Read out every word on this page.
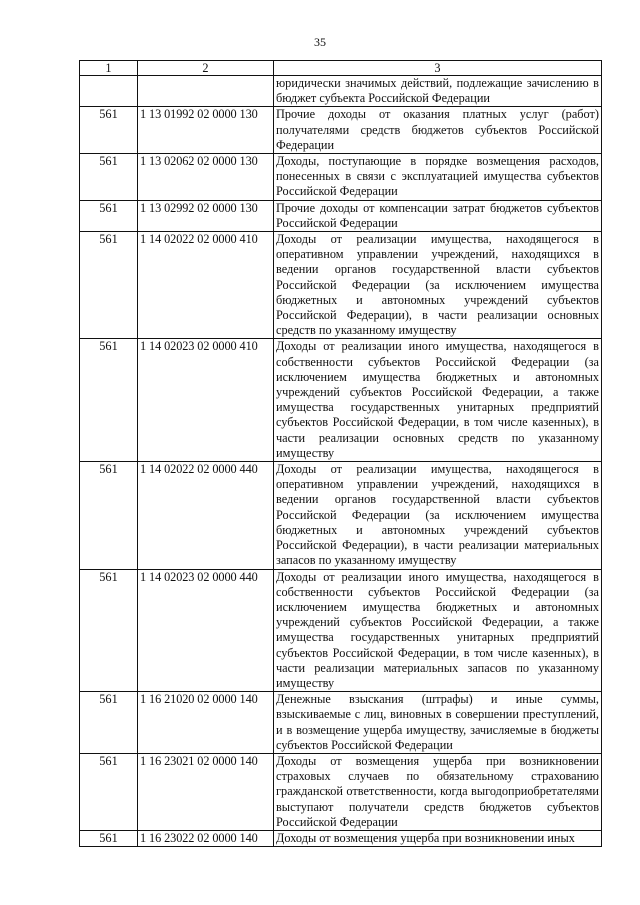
35
1	2	3
		юридически значимых действий, подлежащие зачислению в бюджет субъекта Российской Федерации
561	1 13 01992 02 0000 130	Прочие доходы от оказания платных услуг (работ) получателями средств бюджетов субъектов Российской Федерации
561	1 13 02062 02 0000 130	Доходы, поступающие в порядке возмещения расходов, понесенных в связи с эксплуатацией имущества субъектов Российской Федерации
561	1 13 02992 02 0000 130	Прочие доходы от компенсации затрат бюджетов субъектов Российской Федерации
561	1 14 02022 02 0000 410	Доходы от реализации имущества, находящегося в оперативном управлении учреждений, находящихся в ведении органов государственной власти субъектов Российской Федерации (за исключением имущества бюджетных и автономных учреждений субъектов Российской Федерации), в части реализации основных средств по указанному имуществу
561	1 14 02023 02 0000 410	Доходы от реализации иного имущества, находящегося в собственности субъектов Российской Федерации (за исключением имущества бюджетных и автономных учреждений субъектов Российской Федерации, а также имущества государственных унитарных предприятий субъектов Российской Федерации, в том числе казенных), в части реализации основных средств по указанному имуществу
561	1 14 02022 02 0000 440	Доходы от реализации имущества, находящегося в оперативном управлении учреждений, находящихся в ведении органов государственной власти субъектов Российской Федерации (за исключением имущества бюджетных и автономных учреждений субъектов Российской Федерации), в части реализации материальных запасов по указанному имуществу
561	1 14 02023 02 0000 440	Доходы от реализации иного имущества, находящегося в собственности субъектов Российской Федерации (за исключением имущества бюджетных и автономных учреждений субъектов Российской Федерации, а также имущества государственных унитарных предприятий субъектов Российской Федерации, в том числе казенных), в части реализации материальных запасов по указанному имуществу
561	1 16 21020 02 0000 140	Денежные взыскания (штрафы) и иные суммы, взыскиваемые с лиц, виновных в совершении преступлений, и в возмещение ущерба имуществу, зачисляемые в бюджеты субъектов Российской Федерации
561	1 16 23021 02 0000 140	Доходы от возмещения ущерба при возникновении страховых случаев по обязательному страхованию гражданской ответственности, когда выгодоприобретателями выступают получатели средств бюджетов субъектов Российской Федерации
561	1 16 23022 02 0000 140	Доходы от возмещения ущерба при возникновении иных
